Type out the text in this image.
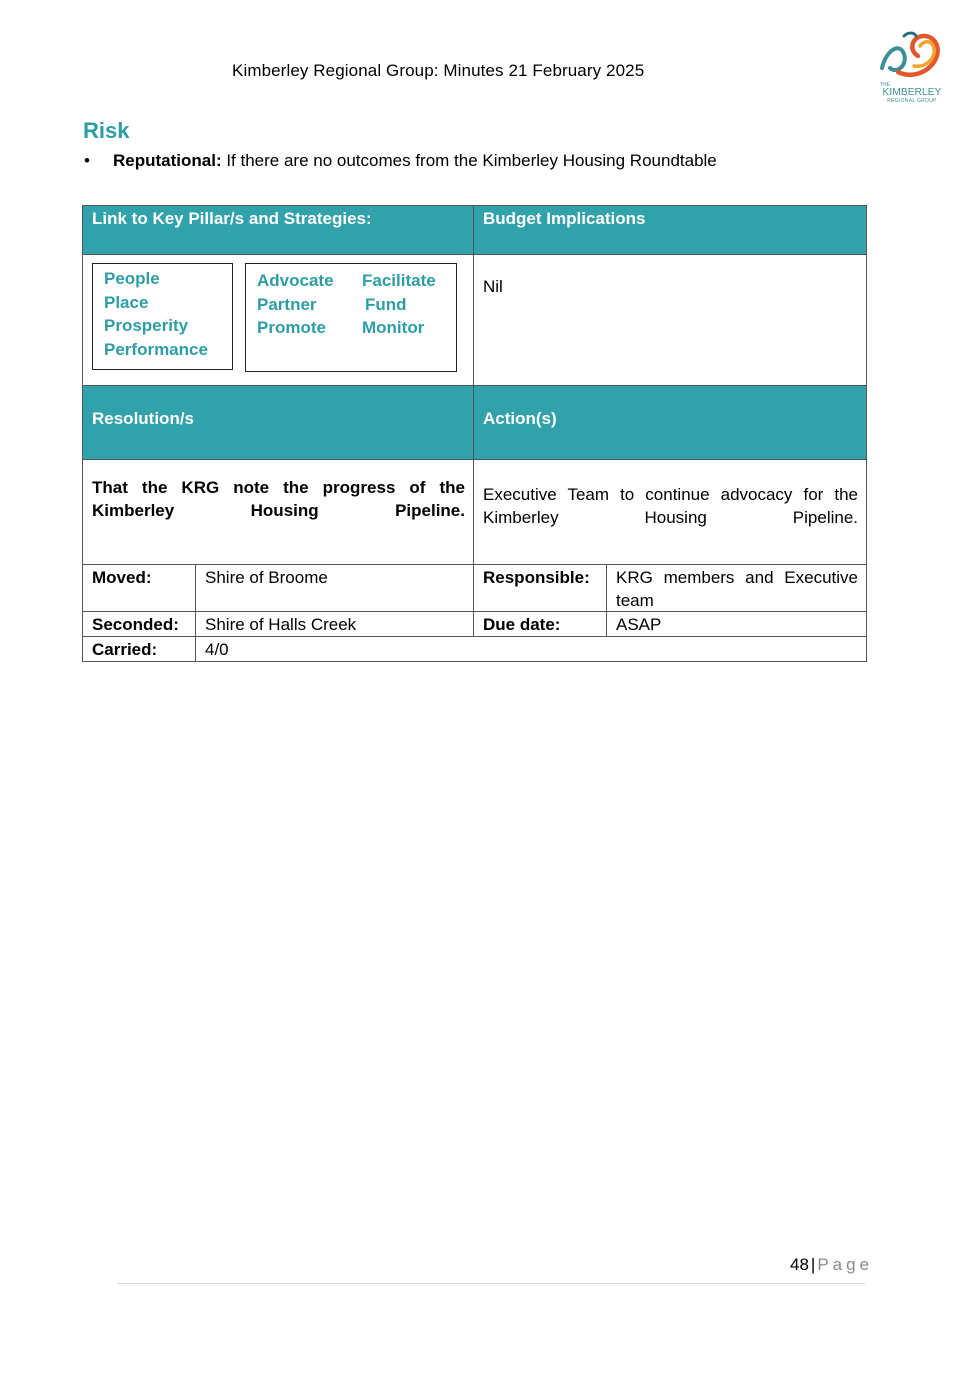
Kimberley Regional Group: Minutes 21 February 2025
THE
KIMBERLEY
REGIONAL GROUP
Risk
• Reputational: If there are no outcomes from the Kimberley Housing Roundtable
Link to Key Pillar/s and Strategies:	Budget Implications
People
Place
Prosperity
Performance
Advocate
Partner
Promote
Facilitate
Fund
Monitor
Nil
Resolution/s	Action(s)
That the KRG note the progress of the Kimberley Housing Pipeline.
Executive Team to continue advocacy for the Kimberley Housing Pipeline.
Moved:	Shire of Broome	Responsible: KRG members and Executive team
Seconded: Shire of Halls Creek	Due date:	ASAP
Carried:	4/0
48 | Page
